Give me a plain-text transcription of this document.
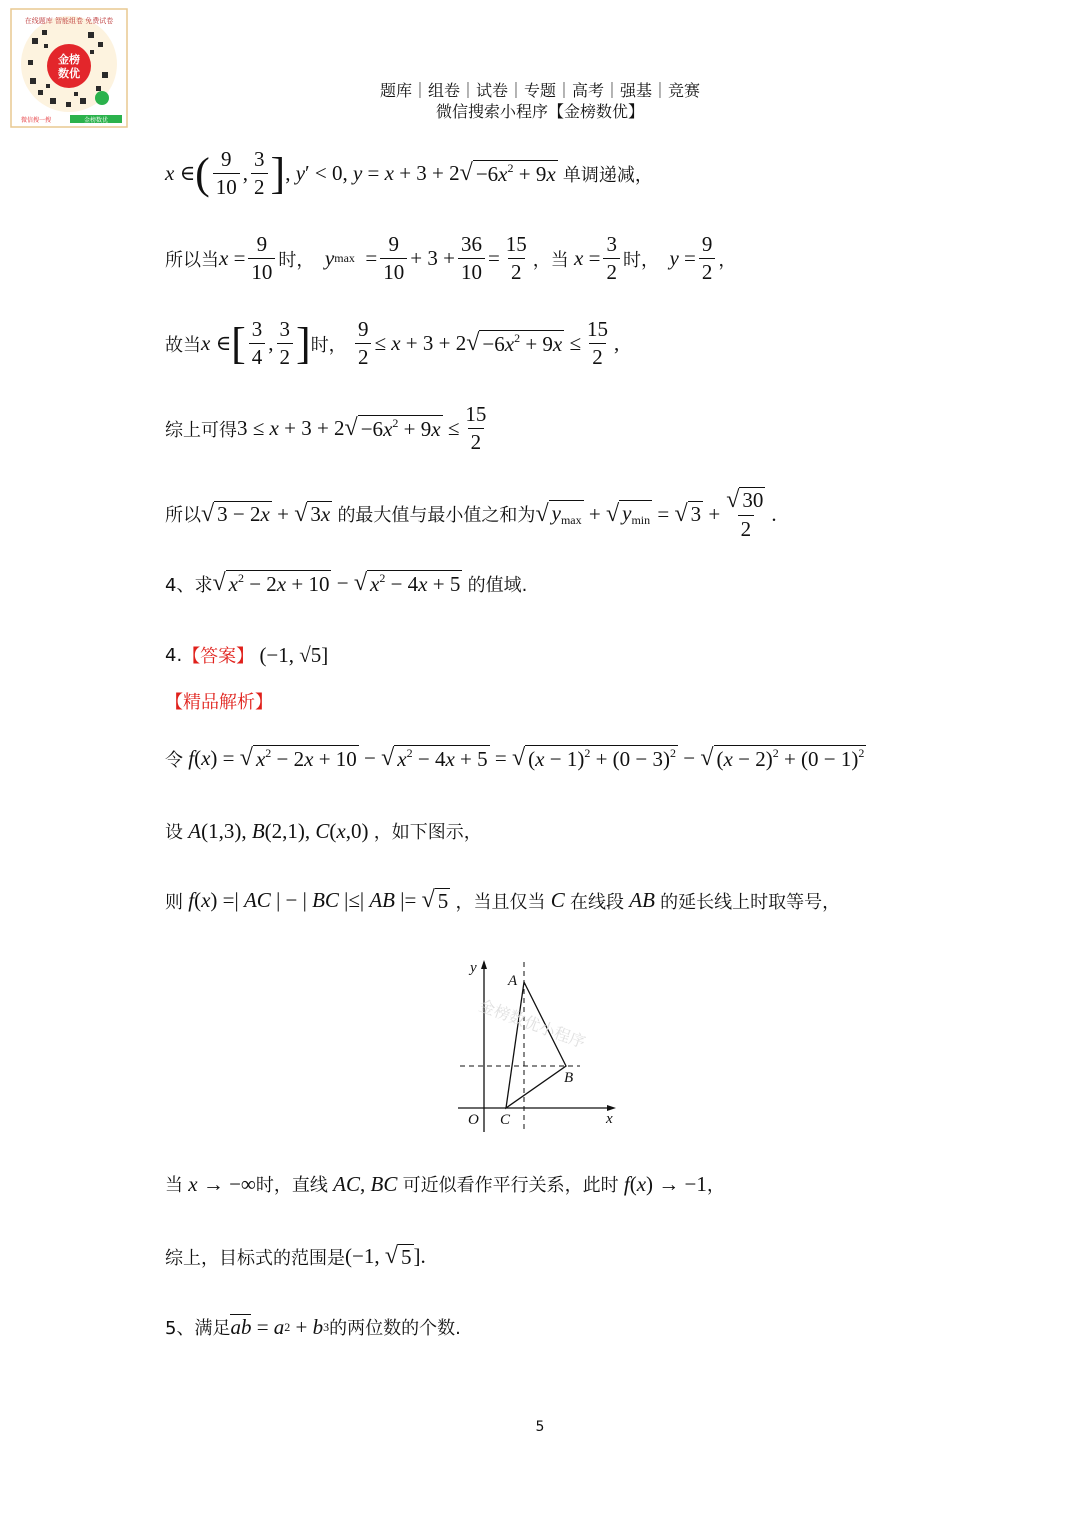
金榜
数优
在线题库 智能组卷 免费试卷
微信搜一搜	金榜数优
题库｜组卷｜试卷｜专题｜高考｜强基｜竞赛
微信搜索小程序【金榜数优】
x ∈ ( $\frac{9}{10}$ , $\frac{3}{2}$ ] , y ′ < 0, y = x + 3 + 2 √ $-6x^2 + 9x$
单调递减，
所以当 $x = \frac{9}{10}$ 时，
y $\max = \frac{9}{10} + 3 + \frac{36}{10} = \frac{15}{2}$ ，当
$x = \frac{3}{2}$ 时，
$y = \frac{9}{2}$ ，
故当 x ∈ [ $\frac{3}{4}$ , $\frac{3}{2}$ ] 时，
$\frac{9}{2} \le x + 3 + 2$ √ $-6x^2 + 9x \le \frac{15}{2}$ ,
综上可得 3 ≤ x + 3 + 2 √ $-6x^2 + 9x \le \frac{15}{2}$
所以 √ 3 − 2x + √ 3x
的最大值与最小值之和为 √ $y_{max}$ + √ $y_{min}$ = √ $3 + \frac{√ 30}{2}$ .
4、求 √ $x^2 - 2x + 10$ − √ $x^2 - 4x + 5$
的值域.
4. 【答案】
(−1, √5]
【精品解析】
令
f ( x ) = √ $x^2 - 2x + 10$ − √ $x^2 - 4x + 5$ = √ $(x - 1)^2 + (0 - 3)^2$ − √ $(x - 2)^2 + (0 - 1)^2$
设
A (1,3), B (2,1), C ( x ,0) ，如下图示，
则
f ( x ) =| AC | − | BC |≤| AB |= √ 5
，当且仅当
C
在线段
AB
的延长线上时取等号，
金榜数优小程序
y
x
O
A
B
C
当
x → −∞ 时，直线
AC , BC
可近似看作平行关系，此时
f ( x ) → −1 ，
综上，目标式的范围是 (−1, √ 5 ] .
5、满足 ab = a 2 + b 3 的两位数的个数.
5
